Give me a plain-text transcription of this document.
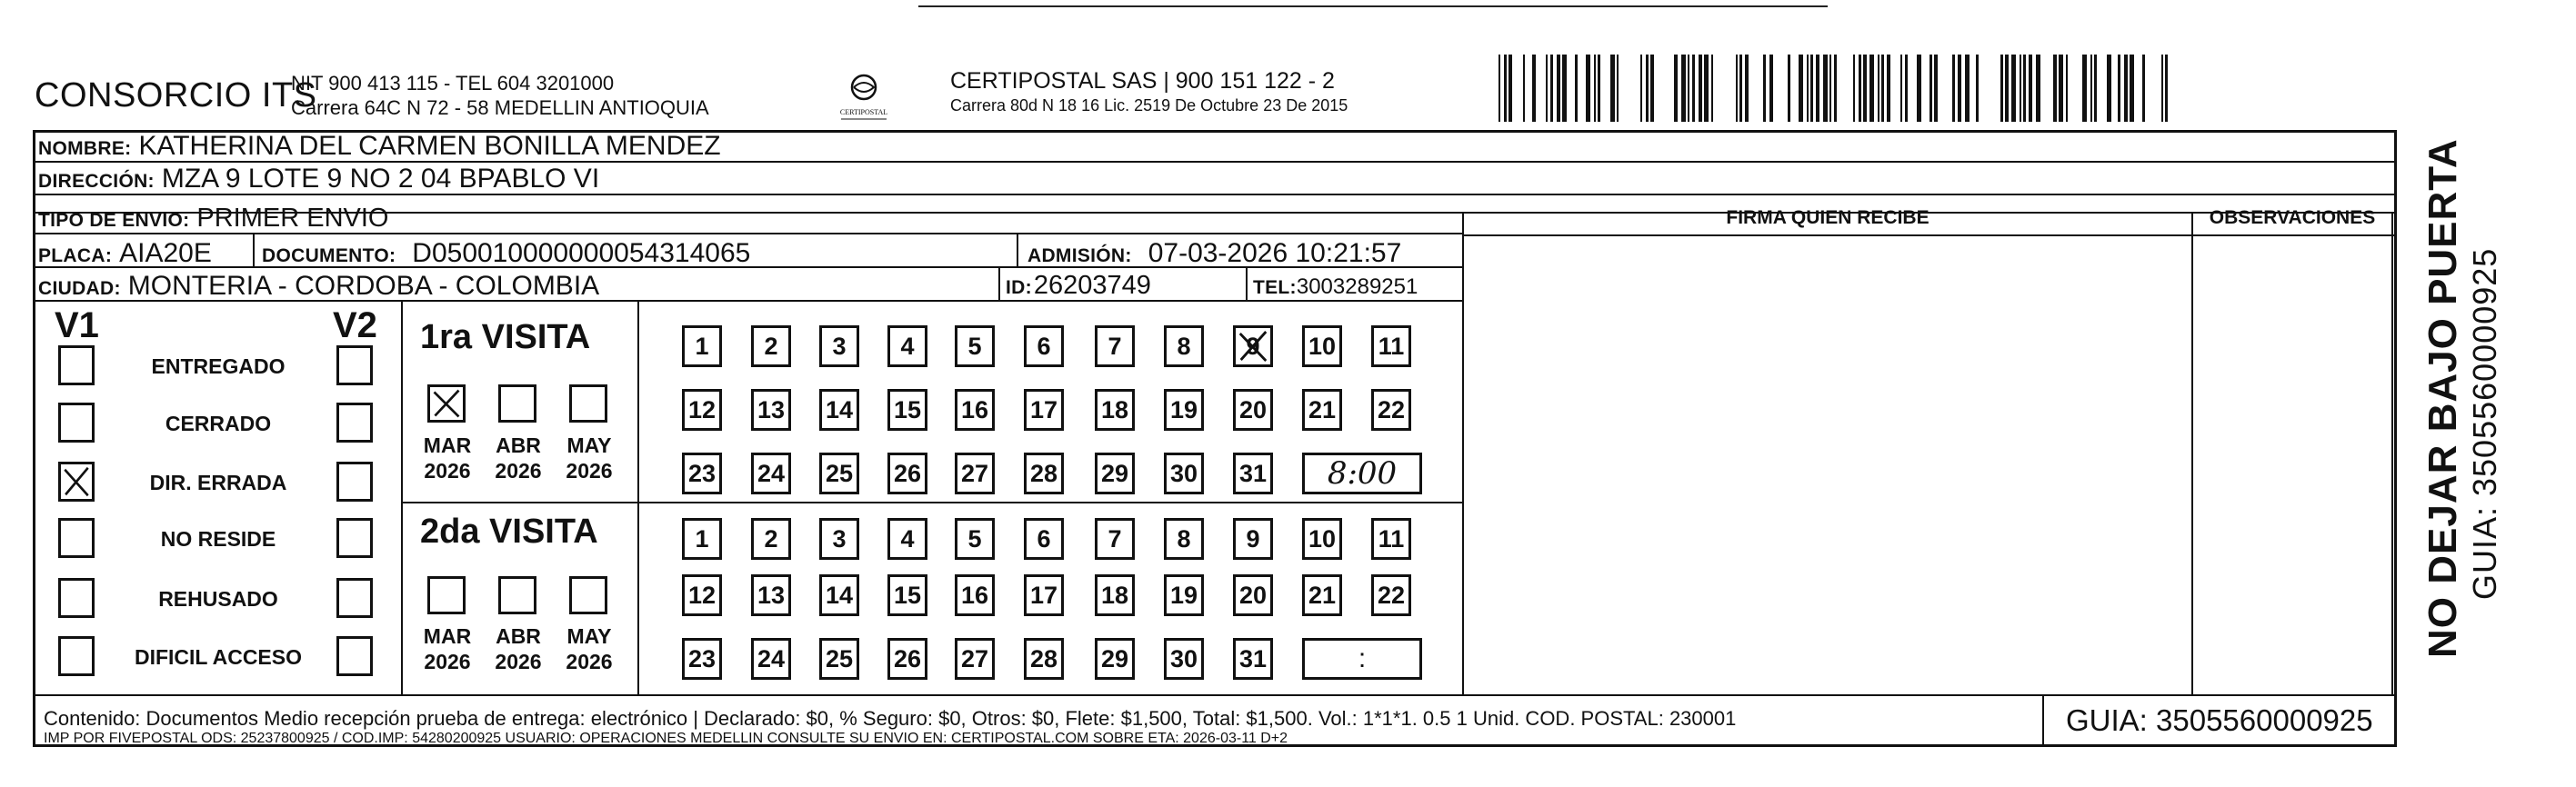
CONSORCIO ITS
NIT 900 413 115 - TEL 604 3201000
Carrera 64C N 72 - 58 MEDELLIN ANTIOQUIA	CERTIPOSTAL
CERTIPOSTAL SAS | 900 151 122 - 2
Carrera 80d N 18 16 Lic. 2519 De Octubre 23 De 2015
NOMBRE: KATHERINA DEL CARMEN BONILLA MENDEZ
DIRECCIÓN: MZA 9 LOTE 9 NO 2 04 BPABLO VI
TIPO DE ENVIO: PRIMER ENVIO
PLACA: AIA20E	DOCUMENTO: D050010000000054314065	ADMISIÓN: 07-03-2026 10:21:57
CIUDAD: MONTERIA - CORDOBA - COLOMBIA	ID: 26203749	TEL: 3003289251
FIRMA QUIEN RECIBE	OBSERVACIONES
V1	V2
ENTREGADO
CERRADO
DIR. ERRADA
NO RESIDE
REHUSADO
DIFICIL ACCESO
1ra VISITA
2da VISITA
MAR
2026
ABR
2026
MAY
2026
MAR
2026
ABR
2026
MAY
2026
1	2	3	4	5	6	7	8	9 10 11
12 13 14 15 16 17 18 19 20 21 22
23 24 25 26 27 28 29 30 31	8:00
1	2	3	4	5	6	7	8	9	10 11
12 13 14 15 16 17 18 19 20 21 22
23 24 25 26 27 28 29 30 31	:
Contenido: Documentos Medio recepción prueba de entrega: electrónico | Declarado: $0, % Seguro: $0, Otros: $0, Flete: $1,500, Total: $1,500. Vol.: 1*1*1. 0.5 1 Unid. COD. POSTAL: 230001
IMP POR FIVEPOSTAL ODS: 25237800925 / COD.IMP: 54280200925 USUARIO: OPERACIONES MEDELLIN CONSULTE SU ENVIO EN: CERTIPOSTAL.COM SOBRE ETA: 2026-03-11 D+2
GUIA: 3505560000925
NO DEJAR BAJO PUERTA GUIA: 3505560000925
